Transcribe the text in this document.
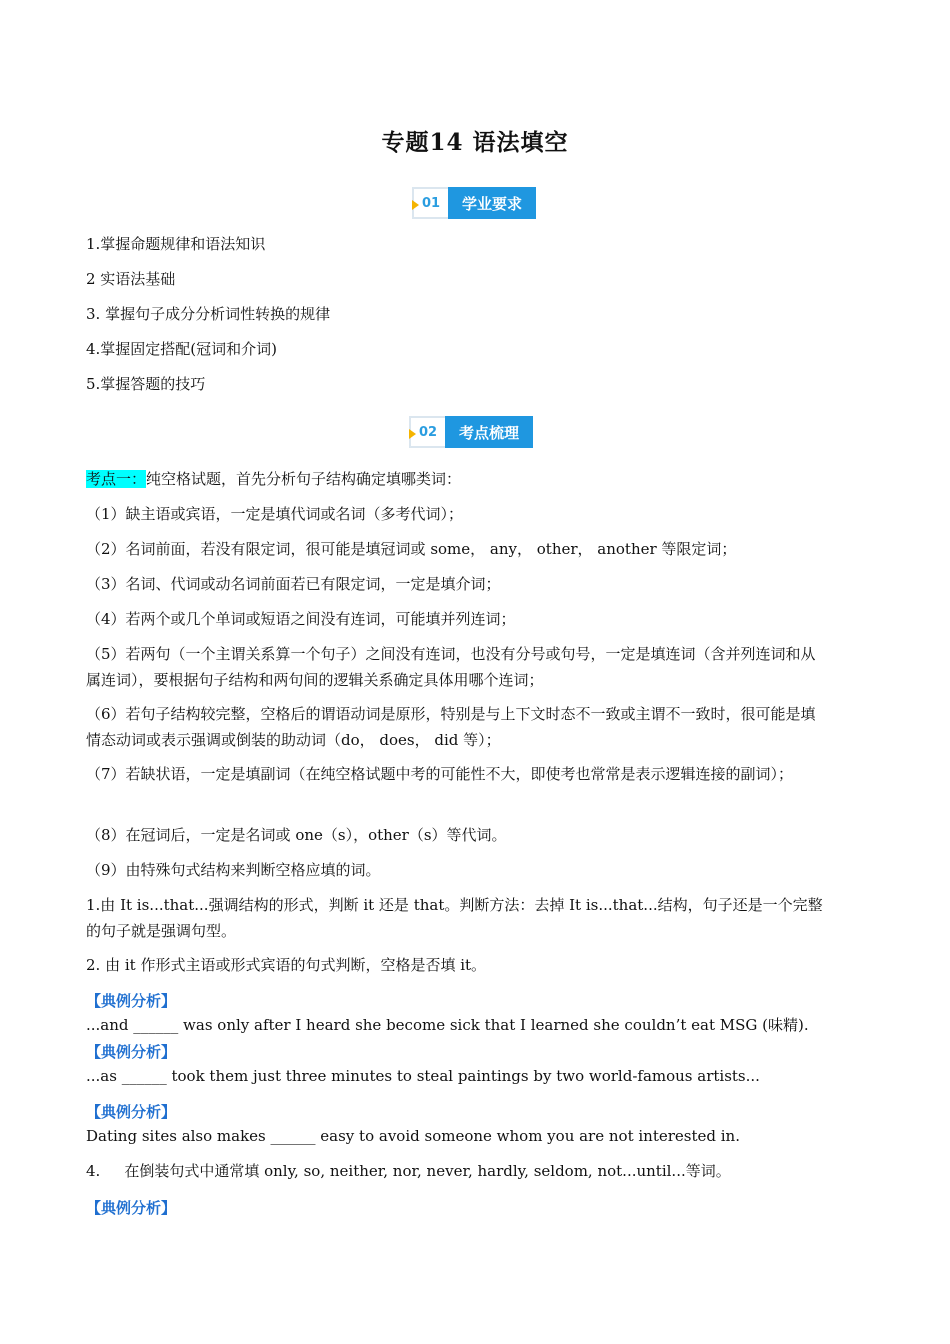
专题14 语法填空
01	学业要求
1.掌握命题规律和语法知识
2 实语法基础
3. 掌握句子成分分析词性转换的规律
4.掌握固定搭配(冠词和介词)
5.掌握答题的技巧
02	考点梳理
考点一：纯空格试题，首先分析句子结构确定填哪类词：
（1）缺主语或宾语，一定是填代词或名词（多考代词）；
（2）名词前面，若没有限定词，很可能是填冠词或 some， any， other， another 等限定词；
（3）名词、代词或动名词前面若已有限定词，一定是填介词；
（4）若两个或几个单词或短语之间没有连词，可能填并列连词；
（5）若两句（一个主谓关系算一个句子）之间没有连词，也没有分号或句号，一定是填连词（含并列连词和从属连词），要根据句子结构和两句间的逻辑关系确定具体用哪个连词；
（6）若句子结构较完整，空格后的谓语动词是原形，特别是与上下文时态不一致或主谓不一致时，很可能是填情态动词或表示强调或倒装的助动词（do， does， did 等）；
（7）若缺状语，一定是填副词（在纯空格试题中考的可能性不大，即使考也常常是表示逻辑连接的副词）；
（8）在冠词后，一定是名词或 one（s），other（s）等代词。
（9）由特殊句式结构来判断空格应填的词。
1.由 It is...that...强调结构的形式，判断 it 还是 that。判断方法：去掉 It is...that...结构，句子还是一个完整的句子就是强调句型。
2. 由 it 作形式主语或形式宾语的句式判断，空格是否填 it。
【典例分析】
...and ______ was only after I heard she become sick that I learned she couldn’t eat MSG (味精).
【典例分析】
...as ______ took them just three minutes to steal paintings by two world-famous artists...
【典例分析】
Dating sites also makes ______ easy to avoid someone whom you are not interested in.
4. 在倒装句式中通常填 only, so, neither, nor, never, hardly, seldom, not...until...等词。
【典例分析】
